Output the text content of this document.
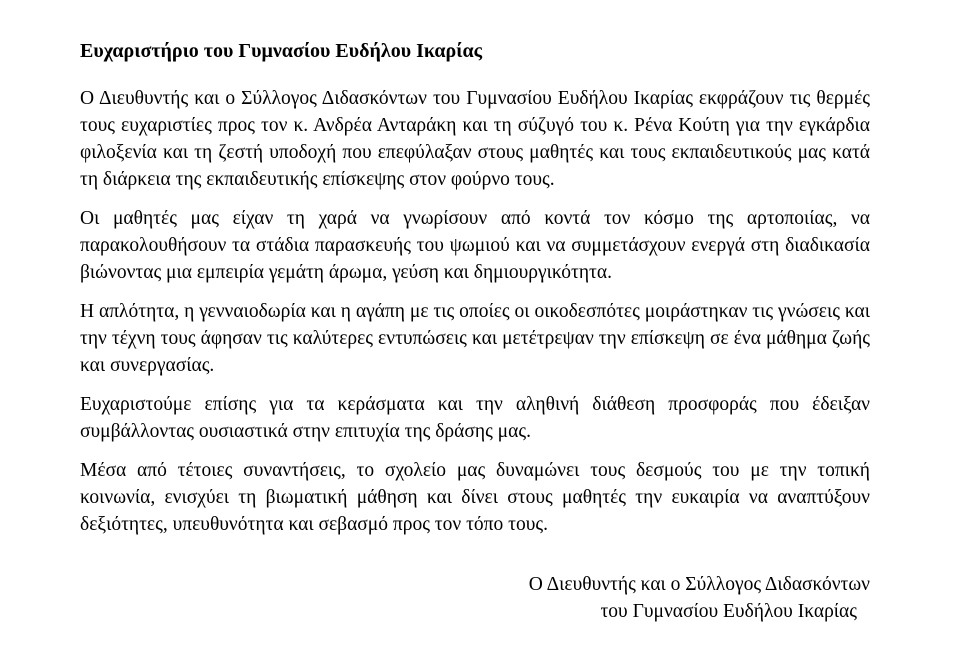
Ευχαριστήριο του Γυμνασίου Ευδήλου Ικαρίας

Ο Διευθυντής και ο Σύλλογος Διδασκόντων του Γυμνασίου Ευδήλου Ικαρίας εκφράζουν τις θερμές τους ευχαριστίες προς τον κ. Ανδρέα Ανταράκη και τη σύζυγό του κ. Ρένα Κούτη για την εγκάρδια φιλοξενία και τη ζεστή υποδοχή που επεφύλαξαν στους μαθητές και τους εκπαιδευτικούς μας κατά τη διάρκεια της εκπαιδευτικής επίσκεψης στον φούρνο τους.

Οι μαθητές μας είχαν τη χαρά να γνωρίσουν από κοντά τον κόσμο της αρτοποιίας, να παρακολουθήσουν τα στάδια παρασκευής του ψωμιού και να συμμετάσχουν ενεργά στη διαδικασία βιώνοντας μια εμπειρία γεμάτη άρωμα, γεύση και δημιουργικότητα.

Η απλότητα, η γενναιοδωρία και η αγάπη με τις οποίες οι οικοδεσπότες μοιράστηκαν τις γνώσεις και την τέχνη τους άφησαν τις καλύτερες εντυπώσεις και μετέτρεψαν την επίσκεψη σε ένα μάθημα ζωής και συνεργασίας.

Ευχαριστούμε επίσης για τα κεράσματα και την αληθινή διάθεση προσφοράς που έδειξαν συμβάλλοντας ουσιαστικά στην επιτυχία της δράσης μας.

Μέσα από τέτοιες συναντήσεις, το σχολείο μας δυναμώνει τους δεσμούς του με την τοπική κοινωνία, ενισχύει τη βιωματική μάθηση και δίνει στους μαθητές την ευκαιρία να αναπτύξουν δεξιότητες, υπευθυνότητα και σεβασμό προς τον τόπο τους.

Ο Διευθυντής και ο Σύλλογος Διδασκόντων
του Γυμνασίου Ευδήλου Ικαρίας
